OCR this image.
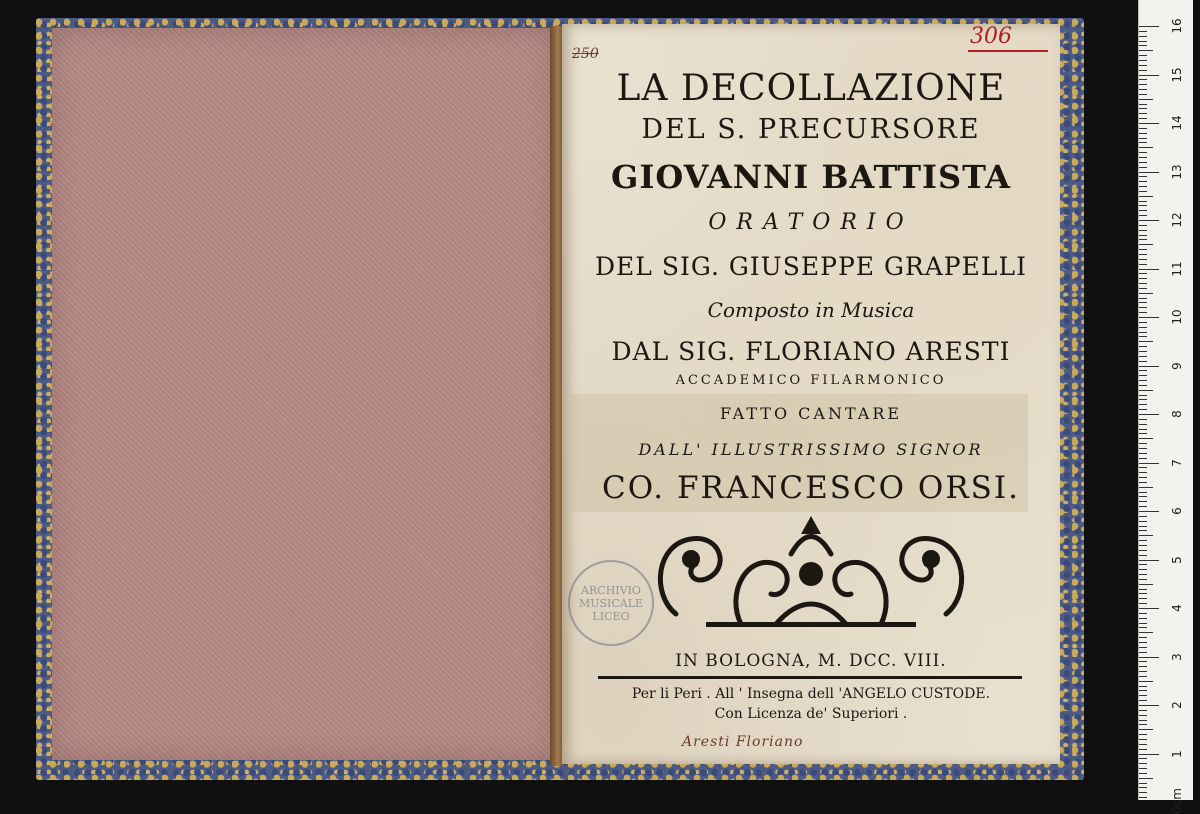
250
306
LA DECOLLAZIONE
DEL S. PRECURSORE
GIOVANNI BATTISTA
ORATORIO
DEL SIG. GIUSEPPE GRAPELLI
Composto in Musica
DAL SIG. FLORIANO ARESTI
ACCADEMICO FILARMONICO
FATTO CANTARE
DALL' ILLUSTRISSIMO SIGNOR
CO. FRANCESCO ORSI.
ARCHIVIO
MUSICALE
LICEO
IN BOLOGNA, M. DCC. VIII.
Per li Peri . All ' Insegna dell 'ANGELO CUSTODE.
Con Licenza de' Superiori .
Aresti Floriano
16
15
14
13
12
11
10
9
8
7
6
5
4
3
2
1
0cm
